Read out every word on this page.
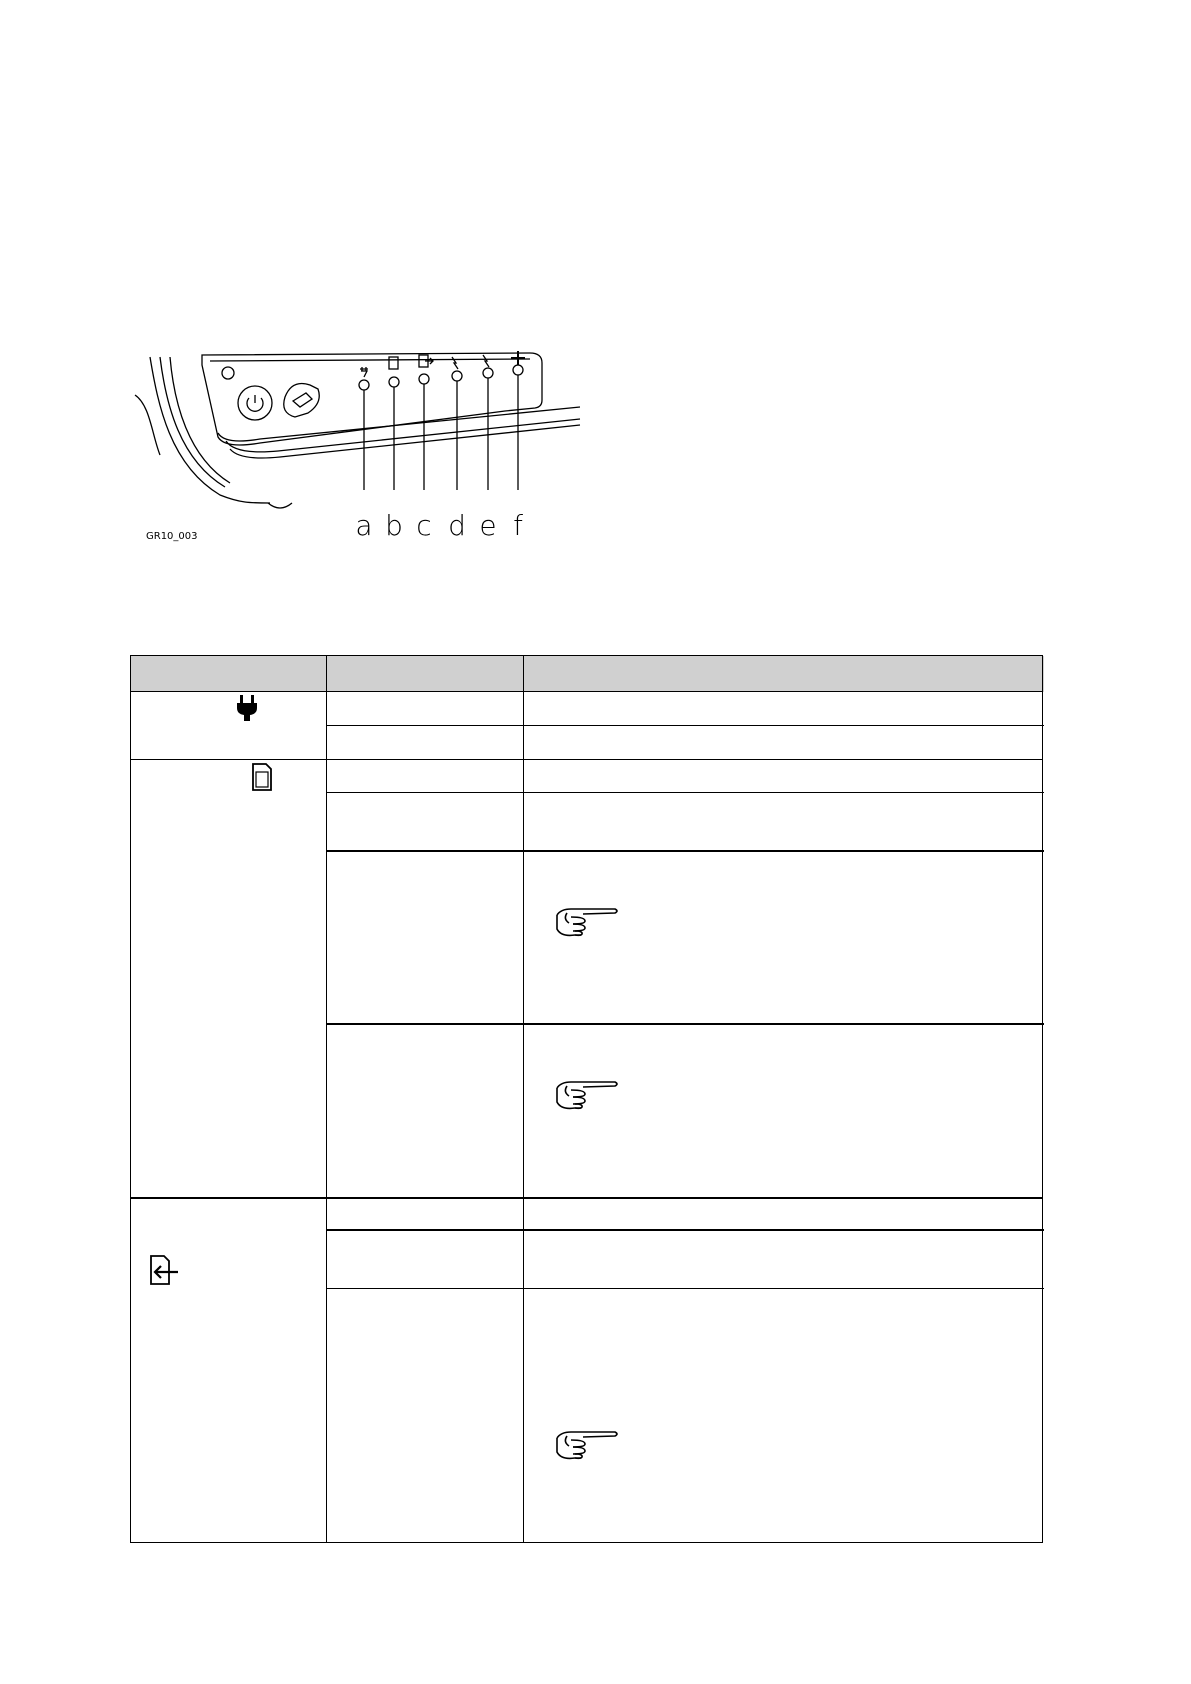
a b c d e f
GR10_003
